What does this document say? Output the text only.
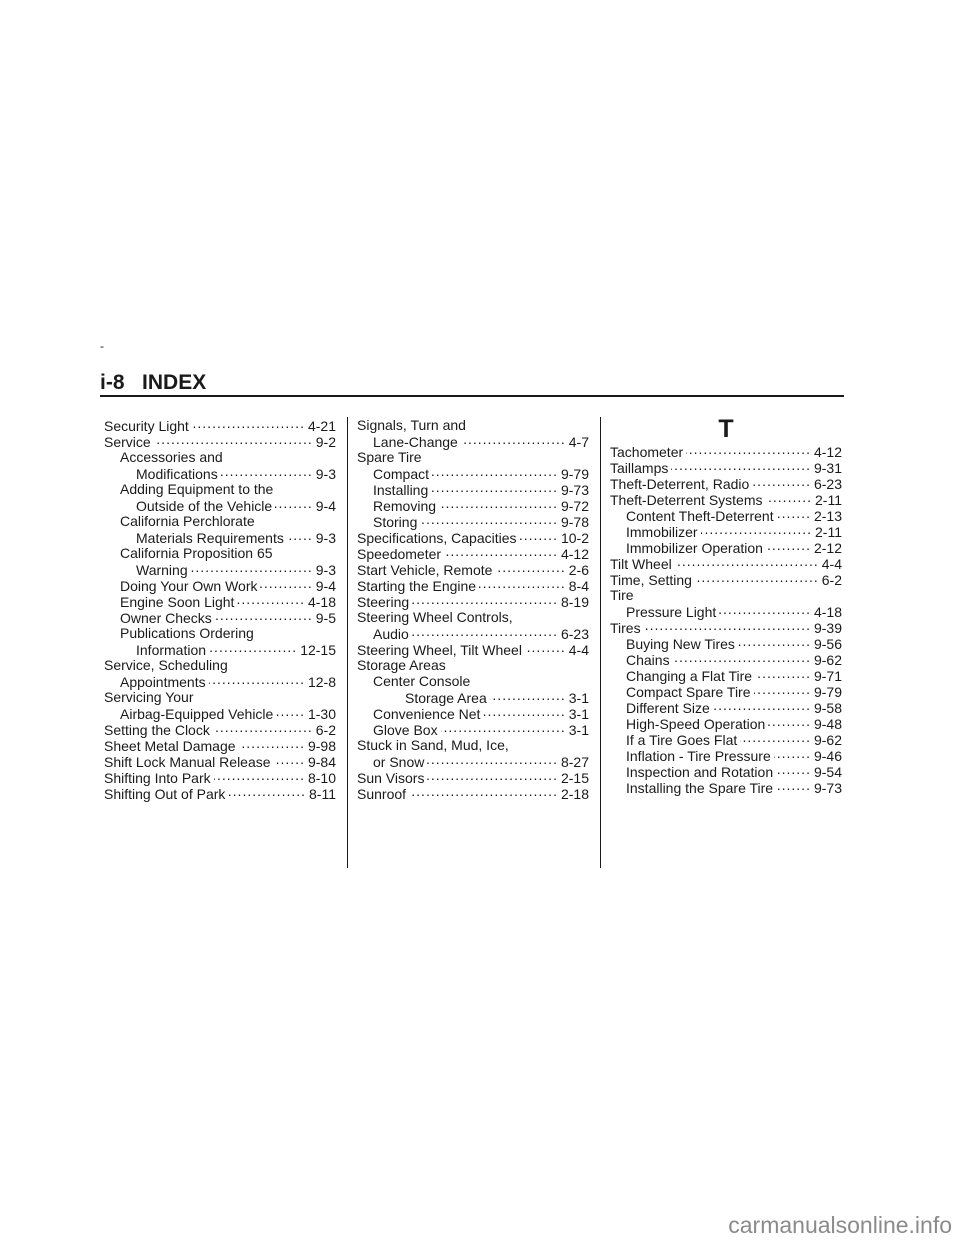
-
i-8 INDEX
Security Light .....	4-21
Service .....	9-2
Accessories and
Modifications .....	9-3
Adding Equipment to the
Outside of the Vehicle .....	9-4
California Perchlorate
Materials Requirements ..... 9-3
California Proposition 65
Warning .....	9-3
Doing Your Own Work .....	9-4
Engine Soon Light .....	4-18
Owner Checks .....	9-5
Publications Ordering
Information .....	12-15
Service, Scheduling
Appointments .....	12-8
Servicing Your
Airbag-Equipped Vehicle ..... 1-30
Setting the Clock .....	6-2
Sheet Metal Damage .....	9-98
Shift Lock Manual Release .....	9-84
Shifting Into Park .....	8-10
Shifting Out of Park .....	8-11
Signals, Turn and
Lane-Change .....	4-7
Spare Tire
Compact .....	9-79
Installing .....	9-73
Removing .....	9-72
Storing .....	9-78
Specifications, Capacities .....	10-2
Speedometer .....	4-12
Start Vehicle, Remote .....	2-6
Starting the Engine .....	8-4
Steering .....	8-19
Steering Wheel Controls,
Audio .....	6-23
Steering Wheel, Tilt Wheel .....	4-4
Storage Areas
Center Console
Storage Area .....	3-1
Convenience Net .....	3-1
Glove Box .....	3-1
Stuck in Sand, Mud, Ice,
or Snow .....	8-27
Sun Visors .....	2-15
Sunroof .....	2-18
T
Tachometer .....	4-12
Taillamps .....	9-31
Theft-Deterrent, Radio .....	6-23
Theft-Deterrent Systems .....	2-11
Content Theft-Deterrent .....	2-13
Immobilizer .....	2-11
Immobilizer Operation .....	2-12
Tilt Wheel .....	4-4
Time, Setting .....	6-2
Tire
Pressure Light .....	4-18
Tires .....	9-39
Buying New Tires .....	9-56
Chains .....	9-62
Changing a Flat Tire .....	9-71
Compact Spare Tire .....	9-79
Different Size .....	9-58
High-Speed Operation .....	9-48
If a Tire Goes Flat .....	9-62
Inflation - Tire Pressure .....	9-46
Inspection and Rotation .....	9-54
Installing the Spare Tire .....	9-73
carmanualsonline.info
